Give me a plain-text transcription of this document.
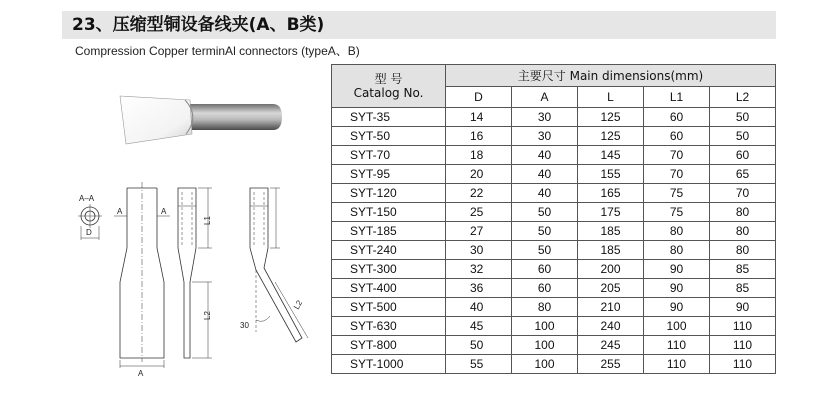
23、压缩型铜设备线夹(A、B类)
Compression Copper terminAl connectors (typeA、B)
A–A
D
A	A
A
L1
L2
L2
30
型 号
Catalog No.	主要尺寸 Main dimensions(mm)				
	D	A	L	L1	L2
SYT-35	14	30	125	60	50
SYT-50	16	30	125	60	50
SYT-70	18	40	145	70	60
SYT-95	20	40	155	70	65
SYT-120	22	40	165	75	70
SYT-150	25	50	175	75	80
SYT-185	27	50	185	80	80
SYT-240	30	50	185	80	80
SYT-300	32	60	200	90	85
SYT-400	36	60	205	90	85
SYT-500	40	80	210	90	90
SYT-630	45	100	240	100	110
SYT-800	50	100	245	110	110
SYT-1000	55	100	255	110	110
